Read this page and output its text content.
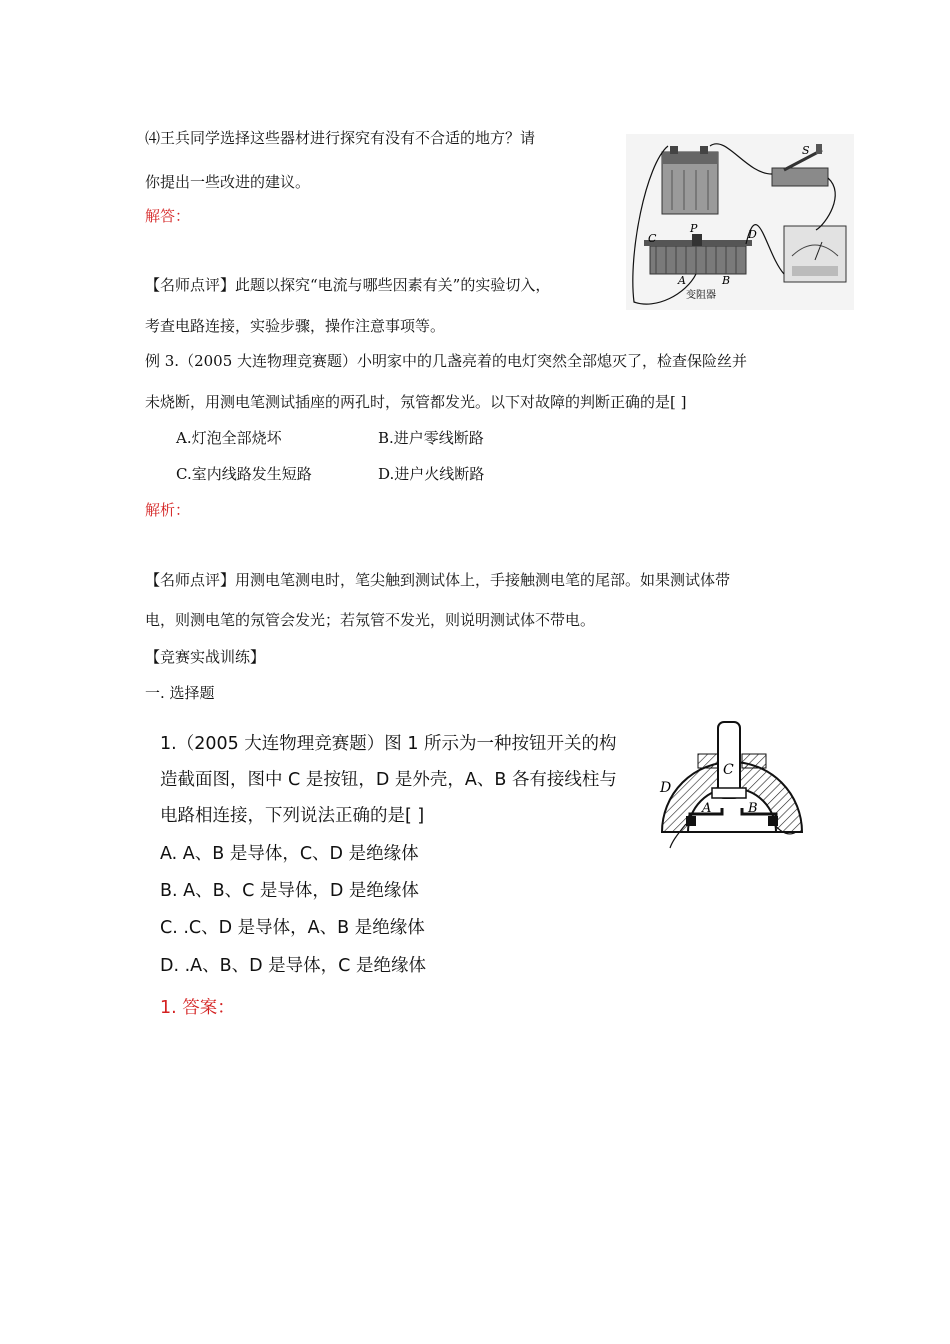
⑷王兵同学选择这些器材进行探究有没有不合适的地方？请
你提出一些改进的建议。
解答：
【名师点评】此题以探究“电流与哪些因素有关”的实验切入，
考查电路连接，实验步骤，操作注意事项等。
S
P
C	D
A	B
变阻器
例 3.（2005 大连物理竞赛题）小明家中的几盏亮着的电灯突然全部熄灭了，检查保险丝并
未烧断，用测电笔测试插座的两孔时，氖管都发光。以下对故障的判断正确的是[ ]
A.灯泡全部烧坏	B.进户零线断路
C.室内线路发生短路	D.进户火线断路
解析：
【名师点评】用测电笔测电时，笔尖触到测试体上，手接触测电笔的尾部。如果测试体带
电，则测电笔的氖管会发光；若氖管不发光，则说明测试体不带电。
【竞赛实战训练】
一. 选择题
1.（2005 大连物理竞赛题）图 1 所示为一种按钮开关的构
造截面图，图中 C 是按钮，D 是外壳，A、B 各有接线柱与
电路相连接，下列说法正确的是[ ]
A. A、B 是导体，C、D 是绝缘体
B. A、B、C 是导体，D 是绝缘体
C. .C、D 是导体，A、B 是绝缘体
D. .A、B、D 是导体，C 是绝缘体
1. 答案：
C
D
A	B
